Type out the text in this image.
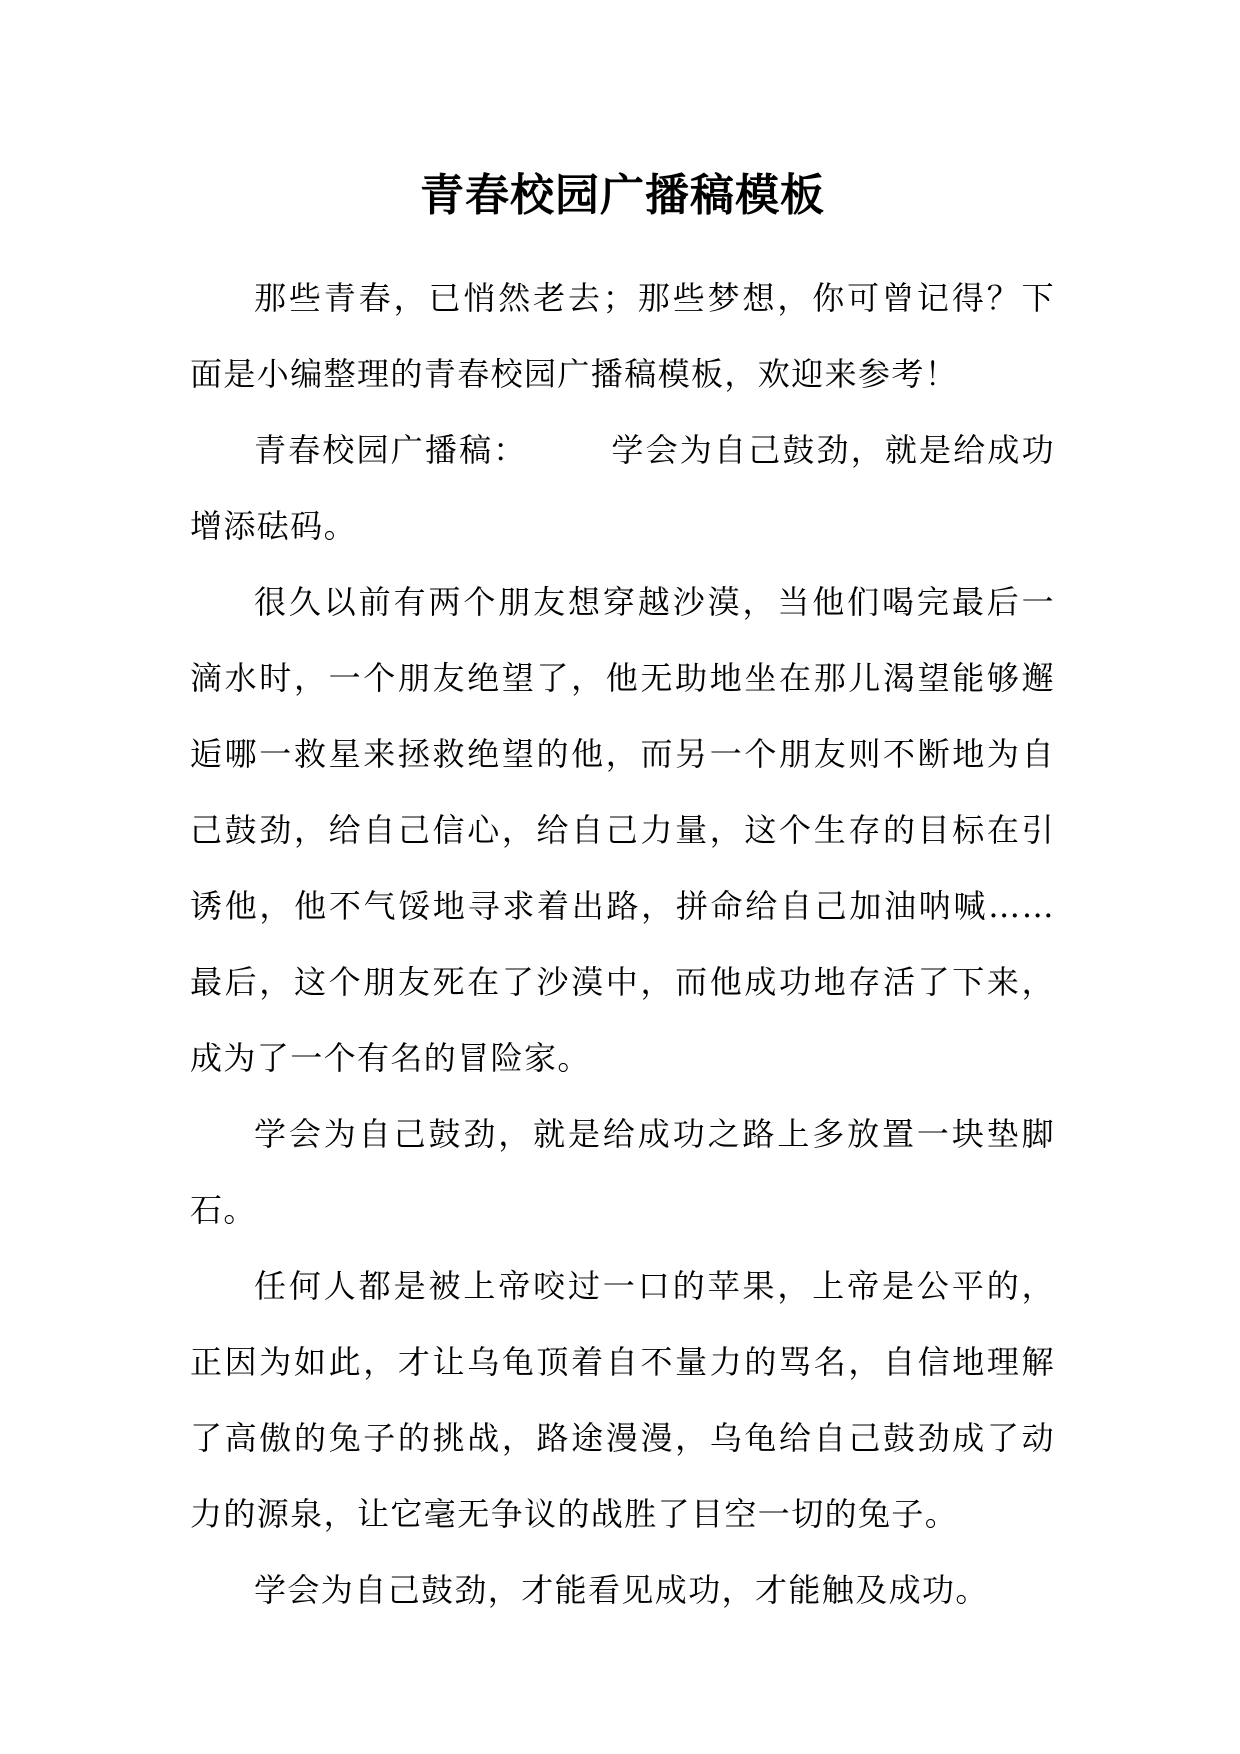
青春校园广播稿模板

那些青春，已悄然老去；那些梦想，你可曾记得？下面是小编整理的青春校园广播稿模板，欢迎来参考！

青春校园广播稿：	学会为自己鼓劲，就是给成功增添砝码。

很久以前有两个朋友想穿越沙漠，当他们喝完最后一滴水时，一个朋友绝望了，他无助地坐在那儿渴望能够邂逅哪一救星来拯救绝望的他，而另一个朋友则不断地为自己鼓劲，给自己信心，给自己力量，这个生存的目标在引诱他，他不气馁地寻求着出路，拼命给自己加油呐喊……最后，这个朋友死在了沙漠中，而他成功地存活了下来，成为了一个有名的冒险家。

学会为自己鼓劲，就是给成功之路上多放置一块垫脚石。

任何人都是被上帝咬过一口的苹果，上帝是公平的，正因为如此，才让乌龟顶着自不量力的骂名，自信地理解了高傲的兔子的挑战，路途漫漫，乌龟给自己鼓劲成了动力的源泉，让它毫无争议的战胜了目空一切的兔子。

学会为自己鼓劲，才能看见成功，才能触及成功。
